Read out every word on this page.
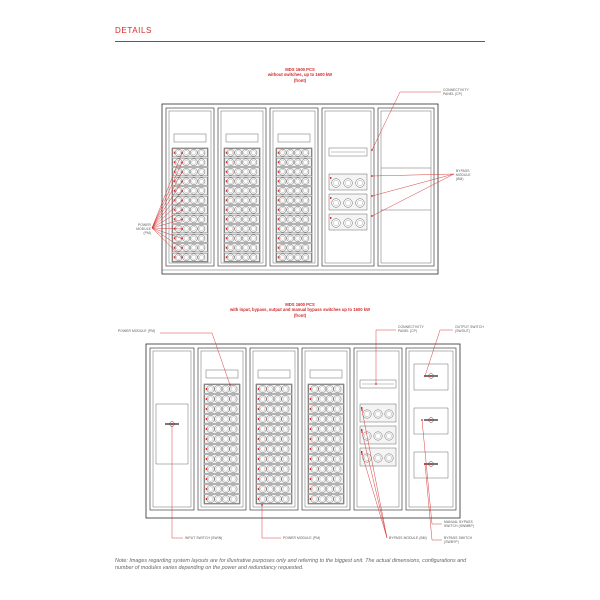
DETAILS
MDS 1600 PCS
without switches, up to 1600 kW
(front)
CONNECTIVITY
PANEL (CP)
BYPASS
MODULE
(BM)
POWER
MODULE
(PM)
MDS 1600 PCS
with input, bypass, output and manual bypass switches up to 1600 kW
(front)
POWER MODULE (PM)
CONNECTIVITY
PANEL (CP)
OUTPUT SWITCH
(SWOUT)
INPUT SWITCH (SWIN)	POWER MODULE (PM)	BYPASS MODULE (BM)
MANUAL BYPASS
SWITCH (SWMBP)
BYPASS SWITCH
(SWBYP)
Note: Images regarding system layouts are for illustrative purposes only and referring to the biggest unit. The actual dimensions, configurations and number of modules varies depending on the power and redundancy requested.
